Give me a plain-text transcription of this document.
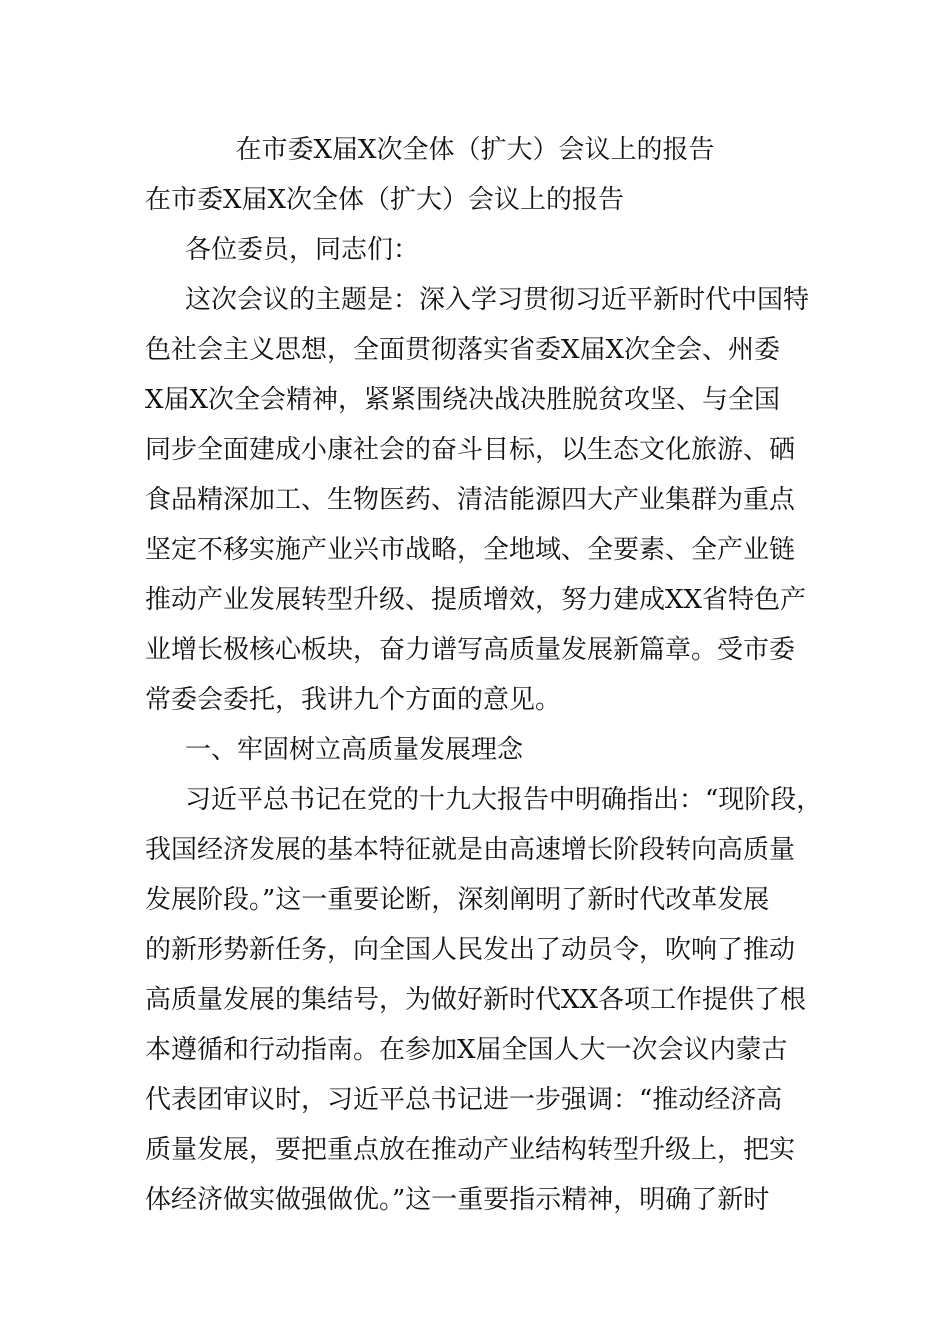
在市委X届X次全体（扩大）会议上的报告
在市委X届X次全体（扩大）会议上的报告
各位委员，同志们：
这次会议的主题是：深入学习贯彻习近平新时代中国特
色社会主义思想，全面贯彻落实省委X届X次全会、州委
X届X次全会精神，紧紧围绕决战决胜脱贫攻坚、与全国
同步全面建成小康社会的奋斗目标，以生态文化旅游、硒
食品精深加工、生物医药、清洁能源四大产业集群为重点
坚定不移实施产业兴市战略，全地域、全要素、全产业链
推动产业发展转型升级、提质增效，努力建成XX省特色产
业增长极核心板块，奋力谱写高质量发展新篇章。受市委
常委会委托，我讲九个方面的意见。
一、牢固树立高质量发展理念
习近平总书记在党的十九大报告中明确指出：“现阶段，
我国经济发展的基本特征就是由高速增长阶段转向高质量
发展阶段。”这一重要论断，深刻阐明了新时代改革发展
的新形势新任务，向全国人民发出了动员令，吹响了推动
高质量发展的集结号，为做好新时代XX各项工作提供了根
本遵循和行动指南。在参加X届全国人大一次会议内蒙古
代表团审议时，习近平总书记进一步强调：“推动经济高
质量发展，要把重点放在推动产业结构转型升级上，把实
体经济做实做强做优。”这一重要指示精神，明确了新时
